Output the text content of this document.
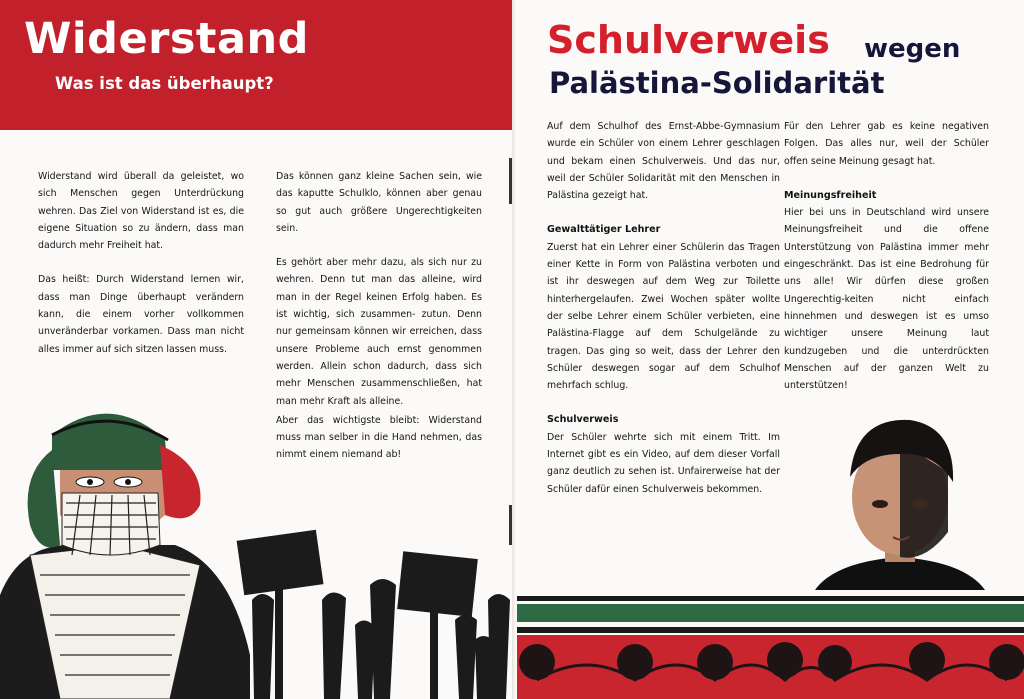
Widerstand
Was ist das überhaupt?

Widerstand wird überall da geleistet, wo sich Menschen gegen Unterdrückung wehren. Das Ziel von Widerstand ist es, die eigene Situation so zu ändern, dass man dadurch mehr Freiheit hat.

Das heißt: Durch Widerstand lernen wir, dass man Dinge überhaupt verändern kann, die einem vorher vollkommen unveränderbar vorkamen. Dass man nicht alles immer auf sich sitzen lassen muss.

Das können ganz kleine Sachen sein, wie das kaputte Schulklo, können aber genau so gut auch größere Ungerechtigkeiten sein.

Es gehört aber mehr dazu, als sich nur zu wehren. Denn tut man das alleine, wird man in der Regel keinen Erfolg haben. Es ist wichtig, sich zusammen- zutun. Denn nur gemeinsam können wir erreichen, dass unsere Probleme auch ernst genommen werden. Allein schon dadurch, dass sich mehr Menschen zusammenschließen, hat man mehr Kraft als alleine.

Aber das wichtigste bleibt: Widerstand muss man selber in die Hand nehmen, das nimmt einem niemand ab!

Schulverweis wegen
Palästina-Solidarität

Auf dem Schulhof des Ernst-Abbe-Gymnasium wurde ein Schüler von einem Lehrer geschlagen und bekam einen Schulverweis. Und das nur, weil der Schüler Solidarität mit den Menschen in Palästina gezeigt hat.

Gewalttätiger Lehrer

Zuerst hat ein Lehrer einer Schülerin das Tragen einer Kette in Form von Palästina verboten und ist ihr deswegen auf dem Weg zur Toilette hinterhergelaufen. Zwei Wochen später wollte der selbe Lehrer einem Schüler verbieten, eine Palästina-Flagge auf dem Schulgelände zu tragen. Das ging so weit, dass der Lehrer den Schüler deswegen sogar auf dem Schulhof mehrfach schlug.

Schulverweis

Der Schüler wehrte sich mit einem Tritt. Im Internet gibt es ein Video, auf dem dieser Vorfall ganz deutlich zu sehen ist. Unfairerweise hat der Schüler dafür einen Schulverweis bekommen.

Für den Lehrer gab es keine negativen Folgen. Das alles nur, weil der Schüler offen seine Meinung gesagt hat.

Meinungsfreiheit

Hier bei uns in Deutschland wird unsere Meinungsfreiheit und die offene Unterstützung von Palästina immer mehr eingeschränkt. Das ist eine Bedrohung für uns alle! Wir dürfen diese großen Ungerechtig-keiten nicht einfach hinnehmen und deswegen ist es umso wichtiger unsere Meinung laut kundzugeben und die unterdrückten Menschen auf der ganzen Welt zu unterstützen!
